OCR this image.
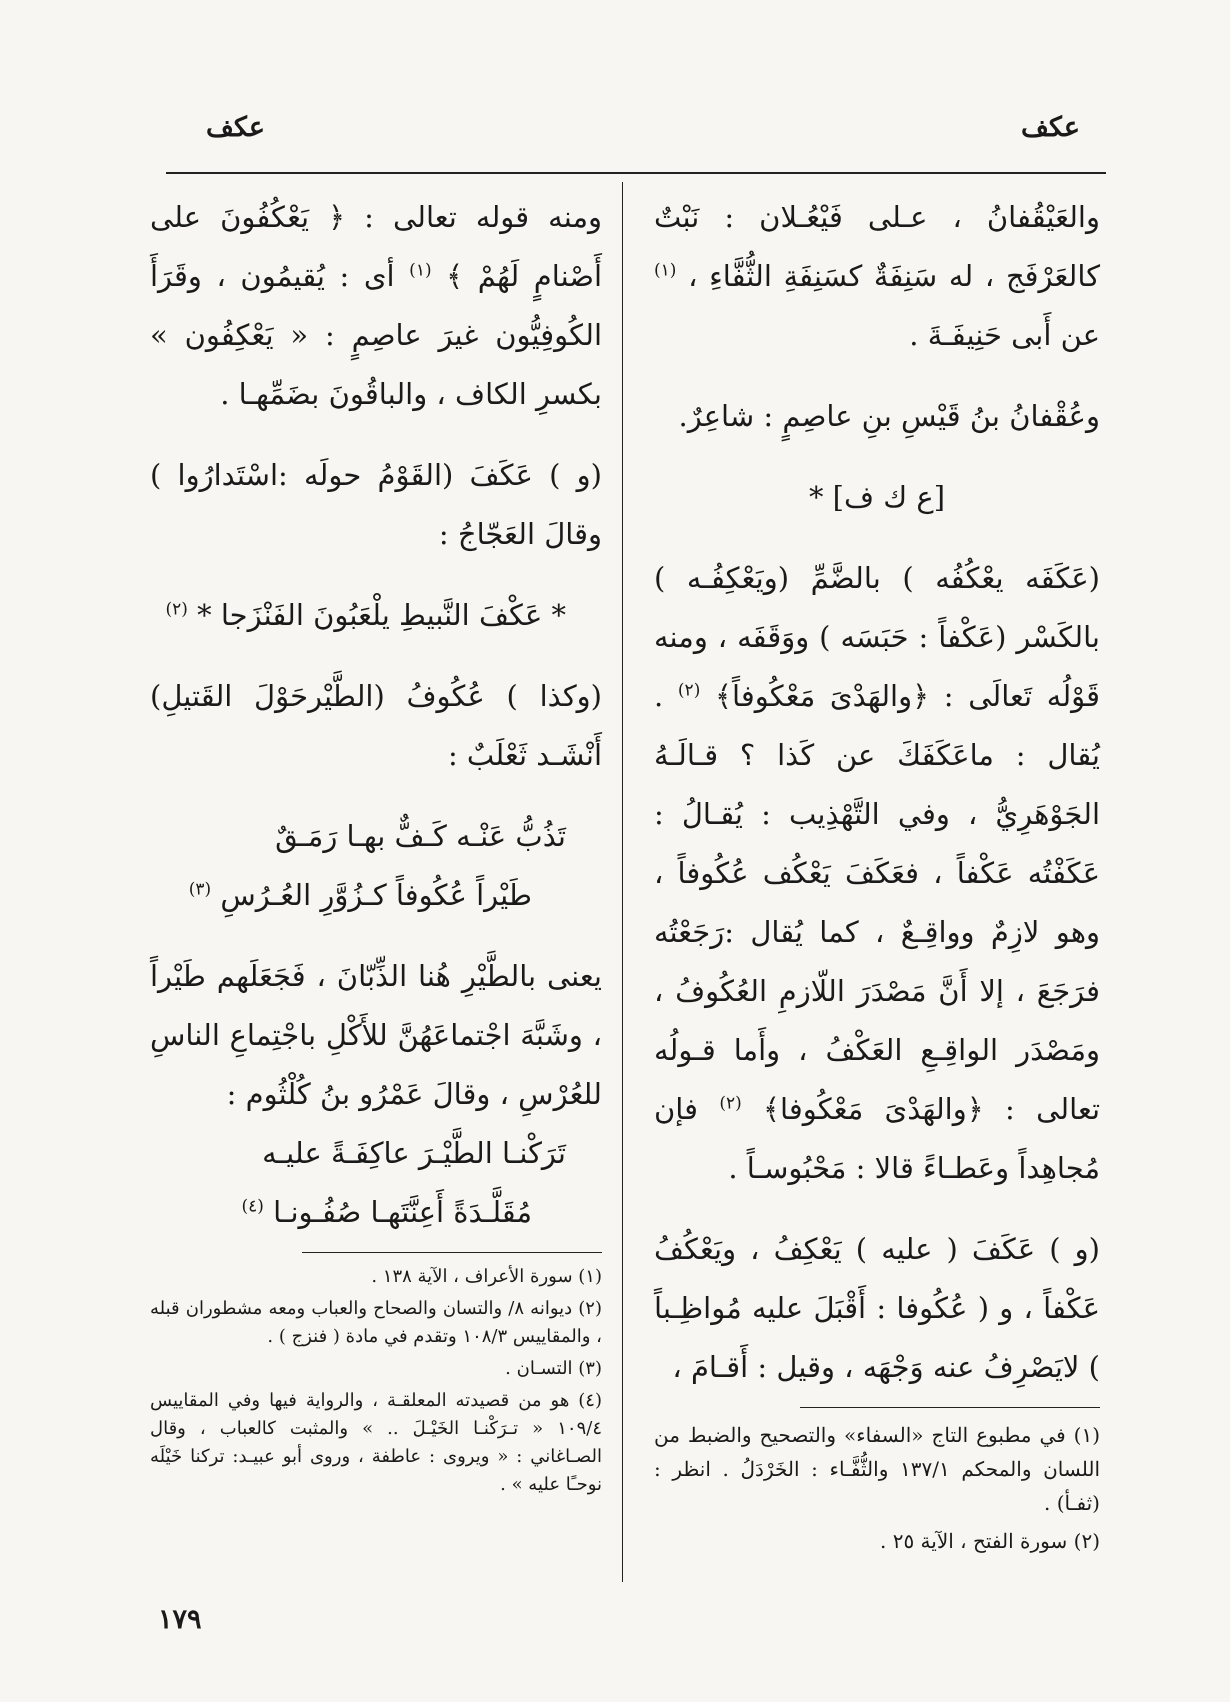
عكف
عكف

والعَيْقُفانُ ، عـلى فَيْعُـلان : نَبْتٌ كالعَرْفَج ، له سَنِفَةٌ كسَنِفَةِ الثُّفَّاءِ ، $^{(١)}$ عن أَبى حَنِيفَـةَ .

وعُقْفانُ بنُ قَيْسِ بنِ عاصِمٍ : شاعِرٌ.

[ع ك ف] *

(عَكَفَه يعْكُفُه ) بالضَّمِّ (ويَعْكِفُـه ) بالكَسْر (عَكْفاً : حَبَسَه ) ووَقَفَه ، ومنه قَوْلُه تَعالَى : ﴿والهَدْىَ مَعْكُوفاً﴾ $^{(٢)}$ . يُقال : ماعَكَفَكَ عن كَذا ؟ قـالَـهُ الجَوْهَرِيُّ ، وفي التَّهْذِيب : يُقـالُ : عَكَفْتُه عَكْفاً ، فعَكَفَ يَعْكُف عُكُوفاً ، وهو لازِمٌ وواقِـعٌ ، كما يُقال :رَجَعْتُه فرَجَعَ ، إلا أَنَّ مَصْدَرَ اللّازمِ العُكُوفُ ، ومَصْدَر الواقِـعِ العَكْفُ ، وأَما قـولُه تعالى : ﴿والهَدْىَ مَعْكُوفا﴾ $^{(٢)}$ فإن مُجاهِداً وعَطـاءً قالا : مَحْبُوسـاً .

(و ) عَكَفَ ( عليه ) يَعْكِفُ ، ويَعْكُفُ عَكْفاً ، و ( عُكُوفا : أَقْبَلَ عليه مُواظِـباً ) لايَصْرِفُ عنه وَجْهَه ، وقيل : أَقـامَ ،

(١) في مطبوع التاج «السفاء» والتصحيح والضبط من اللسان والمحكم ١٣٧/١ والثُّفَّـاء : الخَرْدَلُ . انظر : (ثفـأ) .

(٢) سورة الفتح ، الآية ٢٥ .

ومنه قوله تعالى : ﴿ يَعْكُفُونَ على أَصْنامٍ لَهُمْ ﴾ $^{(١)}$ أى : يُقيمُون ، وقَرَأَ الكُوفِيُّون غيرَ عاصِمٍ : « يَعْكِفُون » بكسرِ الكاف ، والباقُونَ بضَمِّهـا .

(و ) عَكَفَ (القَوْمُ حولَه :اسْتَدارُوا ) وقالَ العَجّاجُ :

* عَكْفَ النَّبيطِ يلْعَبُونَ الفَنْزَجا * $^{(٢)}$

(وكذا ) عُكُوفُ (الطَّيْرحَوْلَ القَتيلِ) أَنْشَـد ثَعْلَبٌ :

تَذُبُّ عَنْـه كَـفٌّ بهـا رَمَـقٌ

طَيْراً عُكُوفاً كـزُوَّرِ العُـرُسِ $^{(٣)}$

يعنى بالطَّيْرِ هُنا الذِّبّانَ ، فَجَعَلَهم طَيْراً ، وشَبَّهَ اجْتماعَهُنَّ للأَكْلِ باجْتِماعِ الناسِ للعُرْسِ ، وقالَ عَمْرُو بنُ كُلْثُوم :

تَرَكْنـا الطَّيْـرَ عاكِفَـةً عليـه

مُقَلَّـدَةً أَعِنَّتَهـا صُفُـونـا $^{(٤)}$

(١) سورة الأعراف ، الآية ١٣٨ .

(٢) ديوانه ٨/ والتسان والصحاح والعباب ومعه مشطوران قبله ، والمقاييس ١٠٨/٣ وتقدم في مادة ( فنزج ) .

(٣) التسـان .

(٤) هو من قصيدته المعلقـة ، والرواية فيها وفي المقاييس ١٠٩/٤ « تـرَكْنـا الخَيْـلَ .. » والمثبت كالعباب ، وقال الصـاغاني : « ويروى : عاطفة ، وروى أبو عبيـد: تركنا خَيْلَه نوحـًا عليه » .

١٧٩
